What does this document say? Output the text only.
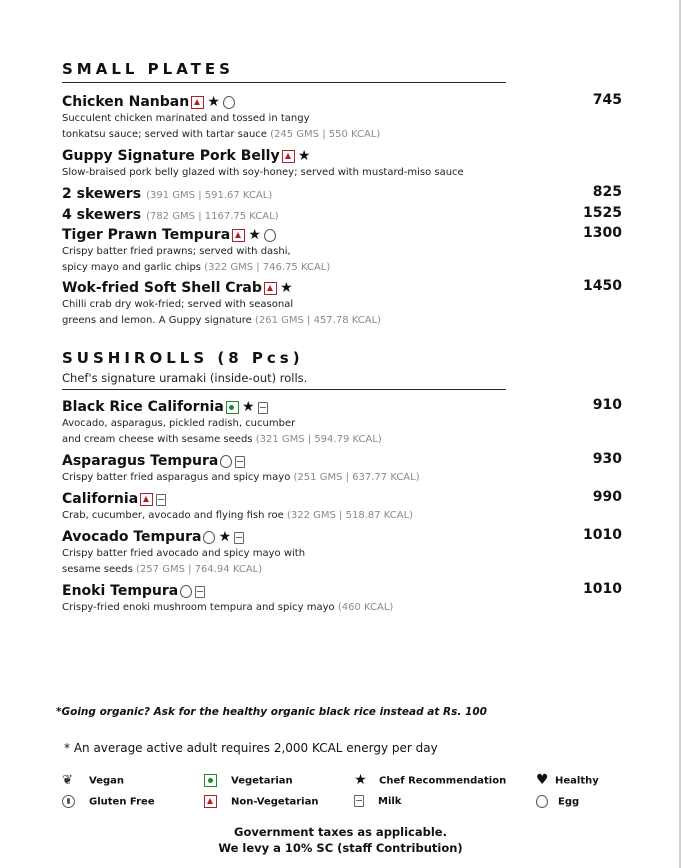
SMALL PLATES
Chicken Nanban ★	745

Succulent chicken marinated and tossed in tangy
tonkatsu sauce; served with tartar sauce (245 GMS | 550 KCAL)

Guppy Signature Pork Belly ★

Slow-braised pork belly glazed with soy-honey; served with mustard-miso sauce

2 skewers (391 GMS | 591.67 KCAL)	825
4 skewers (782 GMS | 1167.75 KCAL)	1525
Tiger Prawn Tempura ★	1300

Crispy batter fried prawns; served with dashi,
spicy mayo and garlic chips (322 GMS | 746.75 KCAL)

Wok-fried Soft Shell Crab ★	1450

Chilli crab dry wok-fried; served with seasonal
greens and lemon. A Guppy signature (261 GMS | 457.78 KCAL)

SUSHIROLLS (8 Pcs)

Chef's signature uramaki (inside-out) rolls.

Black Rice California ★	910

Avocado, asparagus, pickled radish, cucumber
and cream cheese with sesame seeds (321 GMS | 594.79 KCAL)

Asparagus Tempura	930

Crispy batter fried asparagus and spicy mayo (251 GMS | 637.77 KCAL)

California	990

Crab, cucumber, avocado and flying fish roe (322 GMS | 518.87 KCAL)

Avocado Tempura ★	1010

Crispy batter fried avocado and spicy mayo with
sesame seeds (257 GMS | 764.94 KCAL)

Enoki Tempura	1010

Crispy-fried enoki mushroom tempura and spicy mayo (460 KCAL)

*Going organic? Ask for the healthy organic black rice instead at Rs. 100

* An average active adult requires 2,000 KCAL energy per day

❦ Vegan	Vegetarian	★ Chef Recommendation ♥ Healthy
Gluten Free	Non-Vegetarian	Milk	Egg
Government taxes as applicable.
We levy a 10% SC (staff Contribution)
